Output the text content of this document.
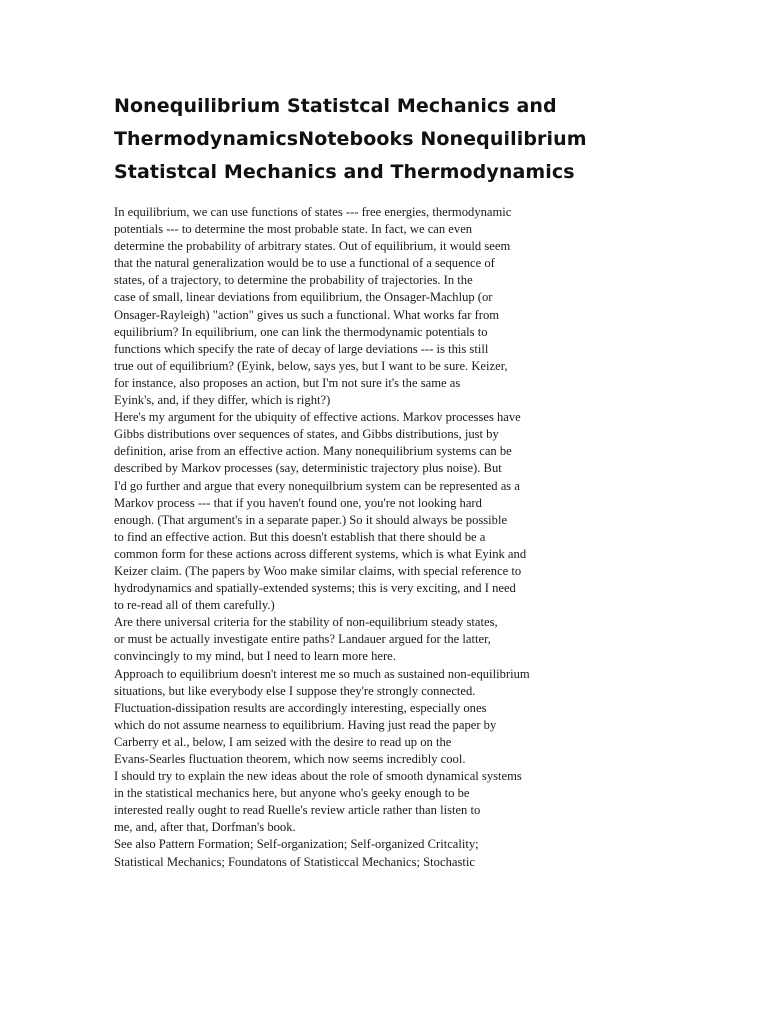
Nonequilibrium Statistcal Mechanics and
ThermodynamicsNotebooks Nonequilibrium
Statistcal Mechanics and Thermodynamics
In equilibrium, we can use functions of states --- free energies, thermodynamic
potentials --- to determine the most probable state. In fact, we can even
determine the probability of arbitrary states. Out of equilibrium, it would seem
that the natural generalization would be to use a functional of a sequence of
states, of a trajectory, to determine the probability of trajectories. In the
case of small, linear deviations from equilibrium, the Onsager-Machlup (or
Onsager-Rayleigh) "action" gives us such a functional. What works far from
equilibrium? In equilibrium, one can link the thermodynamic potentials to
functions which specify the rate of decay of large deviations --- is this still
true out of equilibrium? (Eyink, below, says yes, but I want to be sure. Keizer,
for instance, also proposes an action, but I'm not sure it's the same as
Eyink's, and, if they differ, which is right?)
Here's my argument for the ubiquity of effective actions. Markov processes have
Gibbs distributions over sequences of states, and Gibbs distributions, just by
definition, arise from an effective action. Many nonequilibrium systems can be
described by Markov processes (say, deterministic trajectory plus noise). But
I'd go further and argue that every nonequilbrium system can be represented as a
Markov process --- that if you haven't found one, you're not looking hard
enough. (That argument's in a separate paper.) So it should always be possible
to find an effective action. But this doesn't establish that there should be a
common form for these actions across different systems, which is what Eyink and
Keizer claim. (The papers by Woo make similar claims, with special reference to
hydrodynamics and spatially-extended systems; this is very exciting, and I need
to re-read all of them carefully.)
Are there universal criteria for the stability of non-equilibrium steady states,
or must be actually investigate entire paths? Landauer argued for the latter,
convincingly to my mind, but I need to learn more here.
Approach to equilibrium doesn't interest me so much as sustained non-equilibrium
situations, but like everybody else I suppose they're strongly connected.
Fluctuation-dissipation results are accordingly interesting, especially ones
which do not assume nearness to equilibrium. Having just read the paper by
Carberry et al., below, I am seized with the desire to read up on the
Evans-Searles fluctuation theorem, which now seems incredibly cool.
I should try to explain the new ideas about the role of smooth dynamical systems
in the statistical mechanics here, but anyone who's geeky enough to be
interested really ought to read Ruelle's review article rather than listen to
me, and, after that, Dorfman's book.
See also Pattern Formation; Self-organization; Self-organized Critcality;
Statistical Mechanics; Foundatons of Statisticcal Mechanics; Stochastic
